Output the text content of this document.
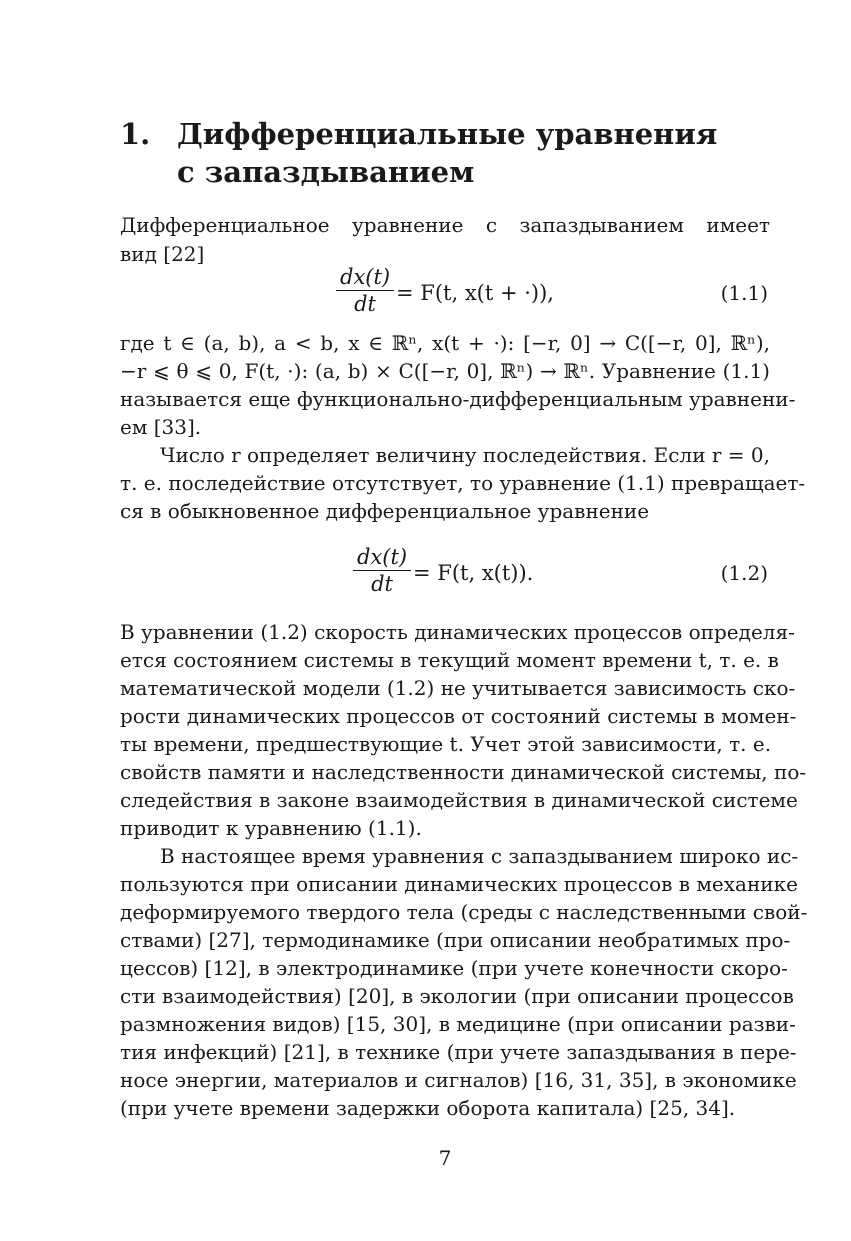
1. Дифференциальные уравнения
с запаздыванием
Дифференциальное уравнение с запаздыванием имеет
вид [22]
dx(t)
dt = F(t, x(t + ·)),	(1.1)
где t ∈ (a, b), a < b, x ∈ ℝⁿ, x(t + ·): [−r, 0] → C([−r, 0], ℝⁿ),
−r ⩽ θ ⩽ 0, F(t, ·): (a, b) × C([−r, 0], ℝⁿ) → ℝⁿ. Уравнение (1.1)
называется еще функционально-дифференциальным уравнени-
ем [33].
Число r определяет величину последействия. Если r = 0,
т. е. последействие отсутствует, то уравнение (1.1) превращает-
ся в обыкновенное дифференциальное уравнение
dx(t)
dt = F(t, x(t)).	(1.2)
В уравнении (1.2) скорость динамических процессов определя-
ется состоянием системы в текущий момент времени t, т. е. в
математической модели (1.2) не учитывается зависимость ско-
рости динамических процессов от состояний системы в момен-
ты времени, предшествующие t. Учет этой зависимости, т. е.
свойств памяти и наследственности динамической системы, по-
следействия в законе взаимодействия в динамической системе
приводит к уравнению (1.1).
В настоящее время уравнения с запаздыванием широко ис-
пользуются при описании динамических процессов в механике
деформируемого твердого тела (среды с наследственными свой-
ствами) [27], термодинамике (при описании необратимых про-
цессов) [12], в электродинамике (при учете конечности скоро-
сти взаимодействия) [20], в экологии (при описании процессов
размножения видов) [15, 30], в медицине (при описании разви-
тия инфекций) [21], в технике (при учете запаздывания в пере-
носе энергии, материалов и сигналов) [16, 31, 35], в экономике
(при учете времени задержки оборота капитала) [25, 34].
7
